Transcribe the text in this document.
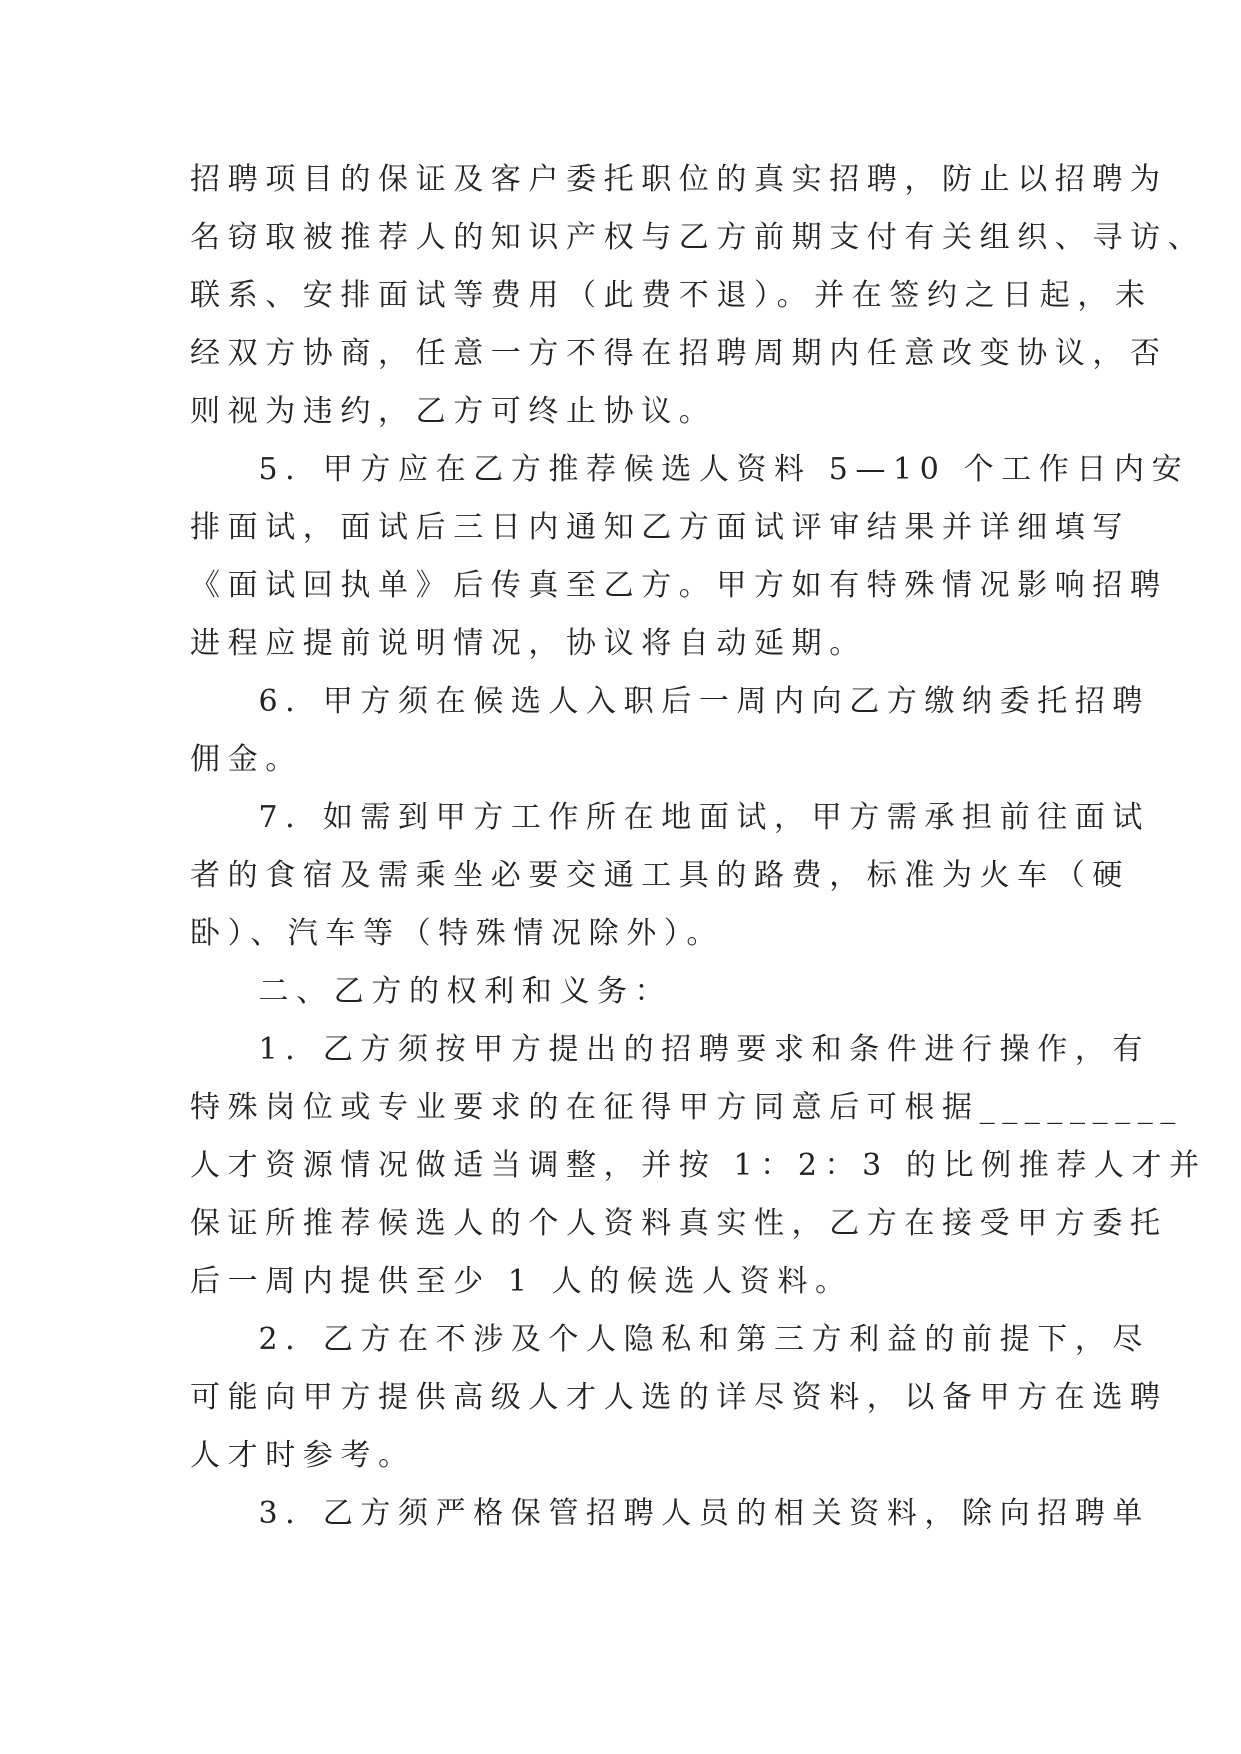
招聘项目的保证及客户委托职位的真实招聘，防止以招聘为
名窃取被推荐人的知识产权与乙方前期支付有关组织、寻访、
联系、安排面试等费用（此费不退）。并在签约之日起，未
经双方协商，任意一方不得在招聘周期内任意改变协议，否
则视为违约，乙方可终止协议。
5．甲方应在乙方推荐候选人资料 5—10 个工作日内安
排面试，面试后三日内通知乙方面试评审结果并详细填写
《面试回执单》后传真至乙方。甲方如有特殊情况影响招聘
进程应提前说明情况，协议将自动延期。
6．甲方须在候选人入职后一周内向乙方缴纳委托招聘
佣金。
7．如需到甲方工作所在地面试，甲方需承担前往面试
者的食宿及需乘坐必要交通工具的路费，标准为火车（硬
卧）、汽车等（特殊情况除外）。
二、乙方的权利和义务：
1．乙方须按甲方提出的招聘要求和条件进行操作，有
特殊岗位或专业要求的在征得甲方同意后可根据_________
人才资源情况做适当调整，并按 1：2：3 的比例推荐人才并
保证所推荐候选人的个人资料真实性，乙方在接受甲方委托
后一周内提供至少 1 人的候选人资料。
2．乙方在不涉及个人隐私和第三方利益的前提下，尽
可能向甲方提供高级人才人选的详尽资料，以备甲方在选聘
人才时参考。
3．乙方须严格保管招聘人员的相关资料，除向招聘单
